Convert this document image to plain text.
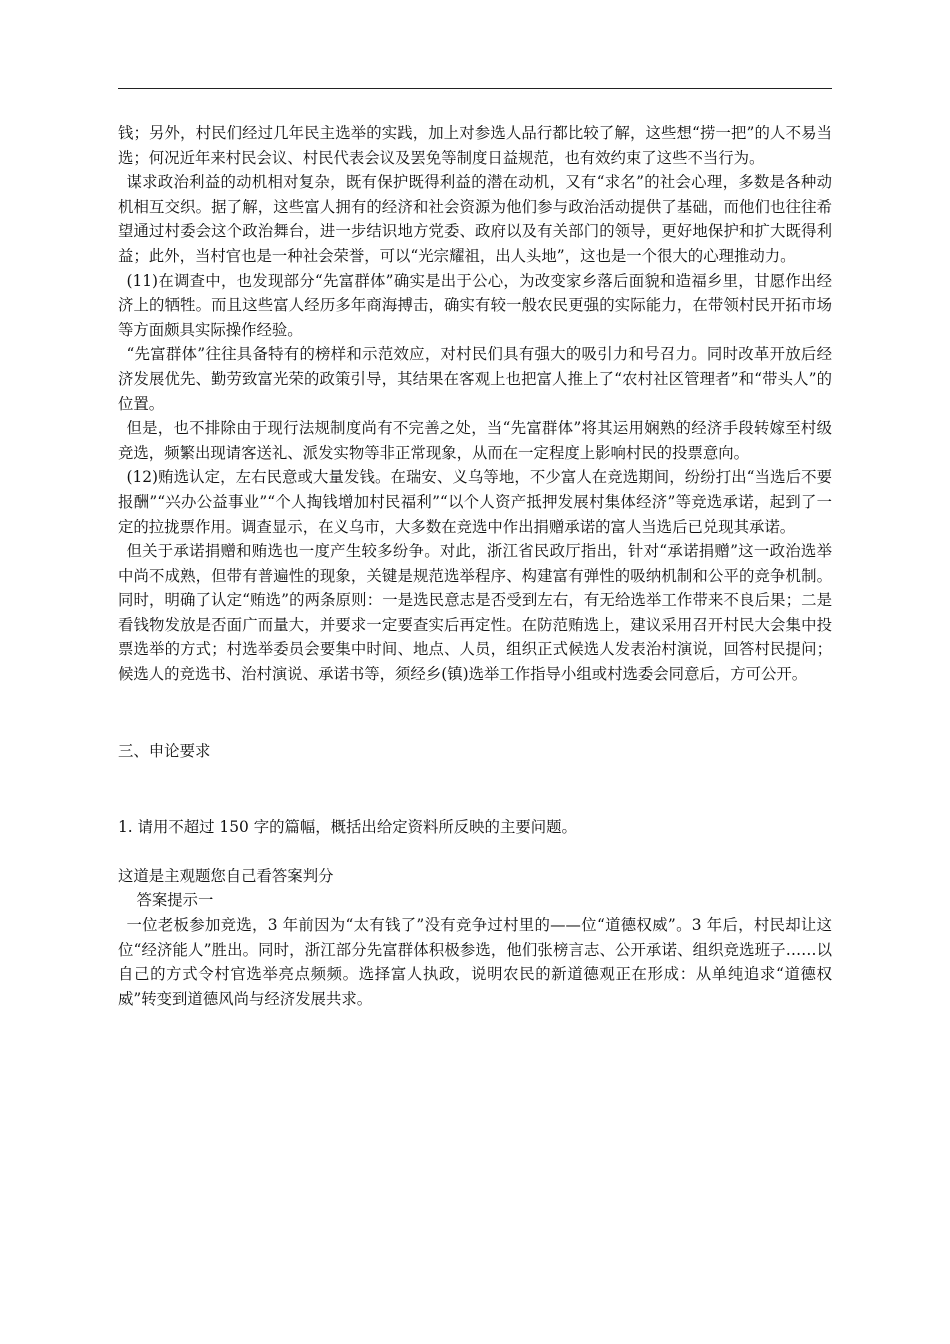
钱；另外，村民们经过几年民主选举的实践，加上对参选人品行都比较了解，这些想“捞一把”的人不易当选；何况近年来村民会议、村民代表会议及罢免等制度日益规范，也有效约束了这些不当行为。

谋求政治利益的动机相对复杂，既有保护既得利益的潜在动机，又有“求名”的社会心理，多数是各种动机相互交织。据了解，这些富人拥有的经济和社会资源为他们参与政治活动提供了基础，而他们也往往希望通过村委会这个政治舞台，进一步结识地方党委、政府以及有关部门的领导，更好地保护和扩大既得利益；此外，当村官也是一种社会荣誉，可以“光宗耀祖，出人头地”，这也是一个很大的心理推动力。

(11)在调查中，也发现部分“先富群体”确实是出于公心，为改变家乡落后面貌和造福乡里，甘愿作出经济上的牺牲。而且这些富人经历多年商海搏击，确实有较一般农民更强的实际能力，在带领村民开拓市场等方面颇具实际操作经验。

“先富群体”往往具备特有的榜样和示范效应，对村民们具有强大的吸引力和号召力。同时改革开放后经济发展优先、勤劳致富光荣的政策引导，其结果在客观上也把富人推上了“农村社区管理者”和“带头人”的位置。

但是，也不排除由于现行法规制度尚有不完善之处，当“先富群体”将其运用娴熟的经济手段转嫁至村级竞选，频繁出现请客送礼、派发实物等非正常现象，从而在一定程度上影响村民的投票意向。

(12)贿选认定，左右民意或大量发钱。在瑞安、义乌等地，不少富人在竞选期间，纷纷打出“当选后不要报酬”“兴办公益事业”“个人掏钱增加村民福利”“以个人资产抵押发展村集体经济”等竞选承诺，起到了一定的拉拢票作用。调查显示，在义乌市，大多数在竞选中作出捐赠承诺的富人当选后已兑现其承诺。

但关于承诺捐赠和贿选也一度产生较多纷争。对此，浙江省民政厅指出，针对“承诺捐赠”这一政治选举中尚不成熟，但带有普遍性的现象，关键是规范选举程序、构建富有弹性的吸纳机制和公平的竞争机制。同时，明确了认定“贿选”的两条原则：一是选民意志是否受到左右，有无给选举工作带来不良后果；二是看钱物发放是否面广而量大，并要求一定要查实后再定性。在防范贿选上，建议采用召开村民大会集中投票选举的方式；村选举委员会要集中时间、地点、人员，组织正式候选人发表治村演说，回答村民提问；候选人的竞选书、治村演说、承诺书等，须经乡(镇)选举工作指导小组或村选委会同意后，方可公开。

三、申论要求

1. 请用不超过 150 字的篇幅，概括出给定资料所反映的主要问题。

这道是主观题您自己看答案判分

答案提示一

一位老板参加竞选，3 年前因为“太有钱了”没有竞争过村里的——位“道德权威”。3 年后，村民却让这位“经济能人”胜出。同时，浙江部分先富群体积极参选，他们张榜言志、公开承诺、组织竞选班子……以自己的方式令村官选举亮点频频。选择富人执政，说明农民的新道德观正在形成：从单纯追求“道德权威”转变到道德风尚与经济发展共求。
